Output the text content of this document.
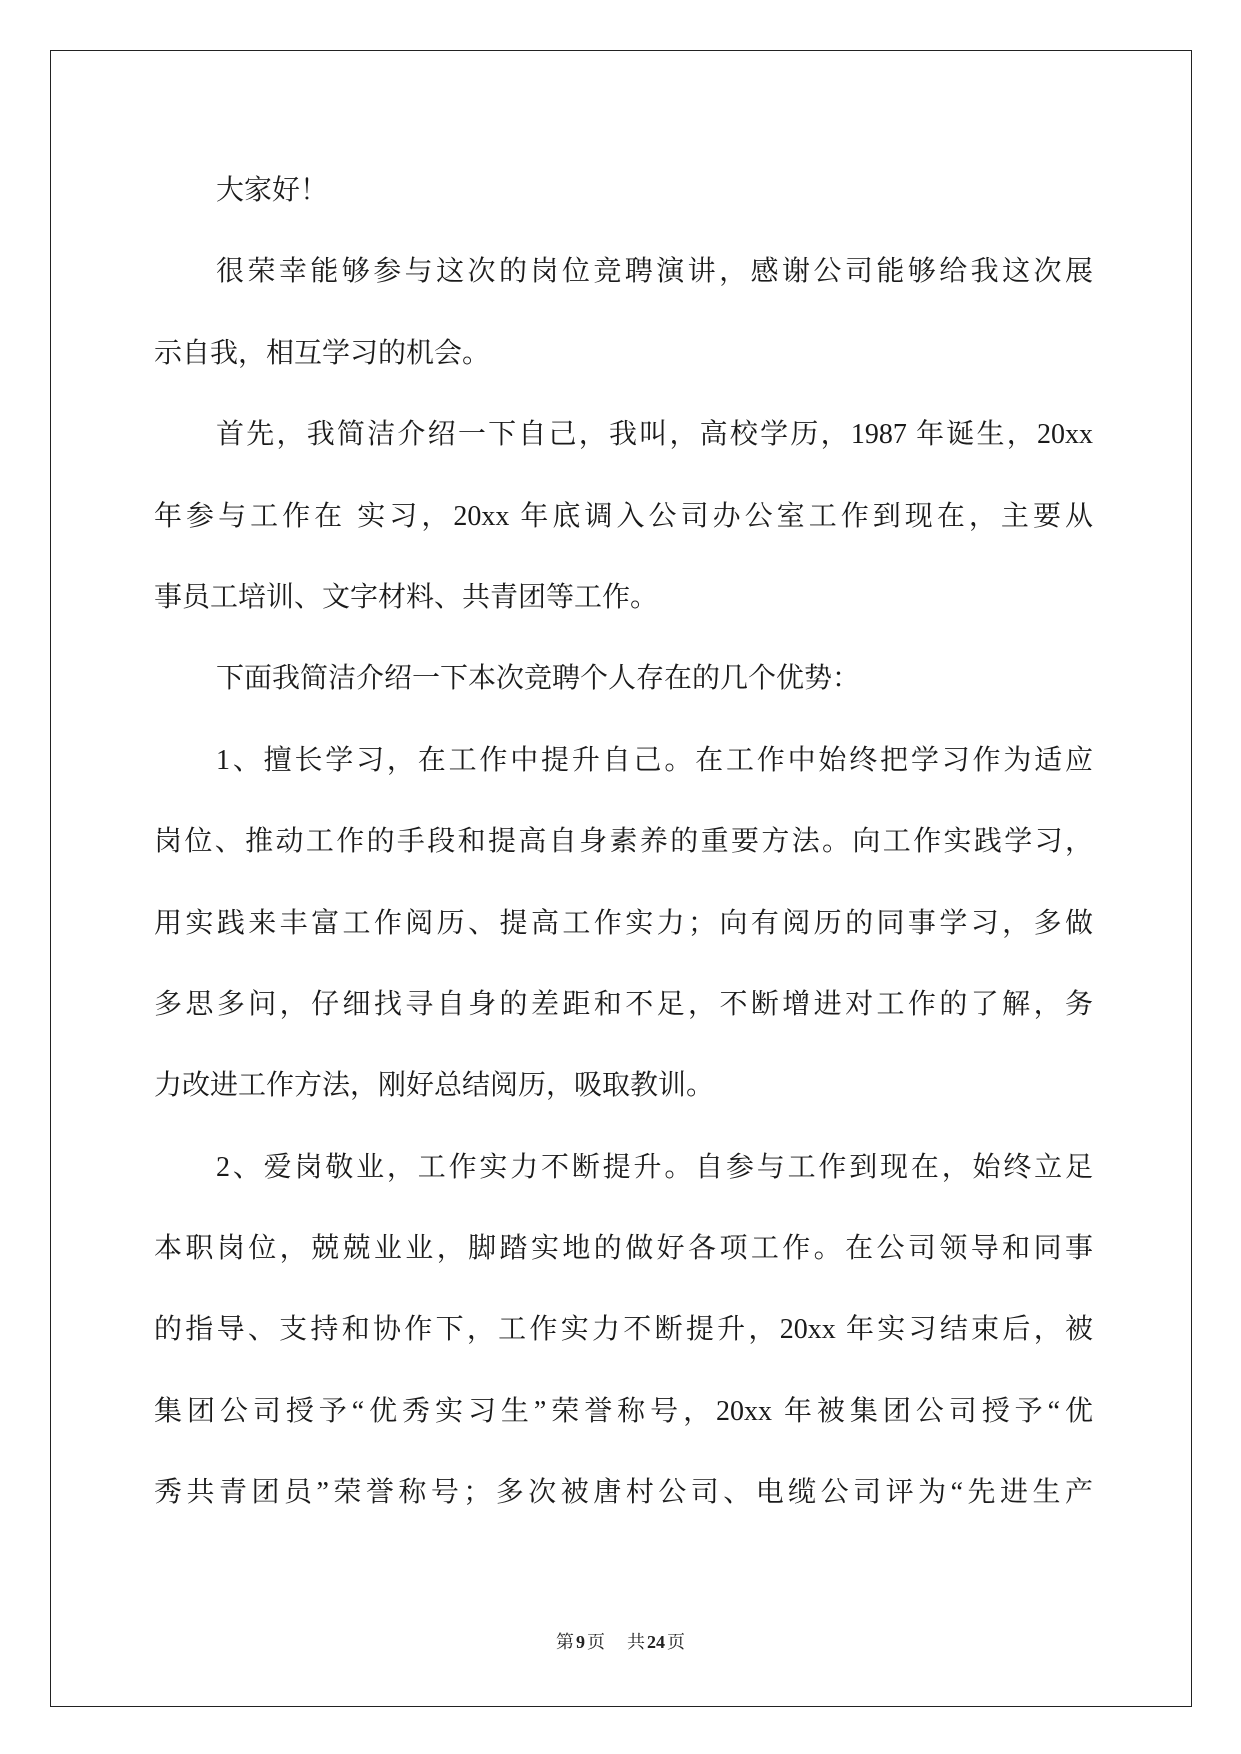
大家好！
很荣幸能够参与这次的岗位竞聘演讲，感谢公司能够给我这次展
示自我，相互学习的机会。
首先，我简洁介绍一下自己，我叫，高校学历，1987 年诞生，20xx
年参与工作在 实习，20xx 年底调入公司办公室工作到现在，主要从
事员工培训、文字材料、共青团等工作。
下面我简洁介绍一下本次竞聘个人存在的几个优势：
1、擅长学习，在工作中提升自己。在工作中始终把学习作为适应
岗位、推动工作的手段和提高自身素养的重要方法。向工作实践学习，
用实践来丰富工作阅历、提高工作实力；向有阅历的同事学习，多做
多思多问，仔细找寻自身的差距和不足，不断增进对工作的了解，务
力改进工作方法，刚好总结阅历，吸取教训。
2、爱岗敬业，工作实力不断提升。自参与工作到现在，始终立足
本职岗位，兢兢业业，脚踏实地的做好各项工作。在公司领导和同事
的指导、支持和协作下，工作实力不断提升，20xx 年实习结束后，被
集团公司授予“优秀实习生”荣誉称号，20xx 年被集团公司授予“优
秀共青团员”荣誉称号；多次被唐村公司、电缆公司评为“先进生产
第 9 页 共 24 页
